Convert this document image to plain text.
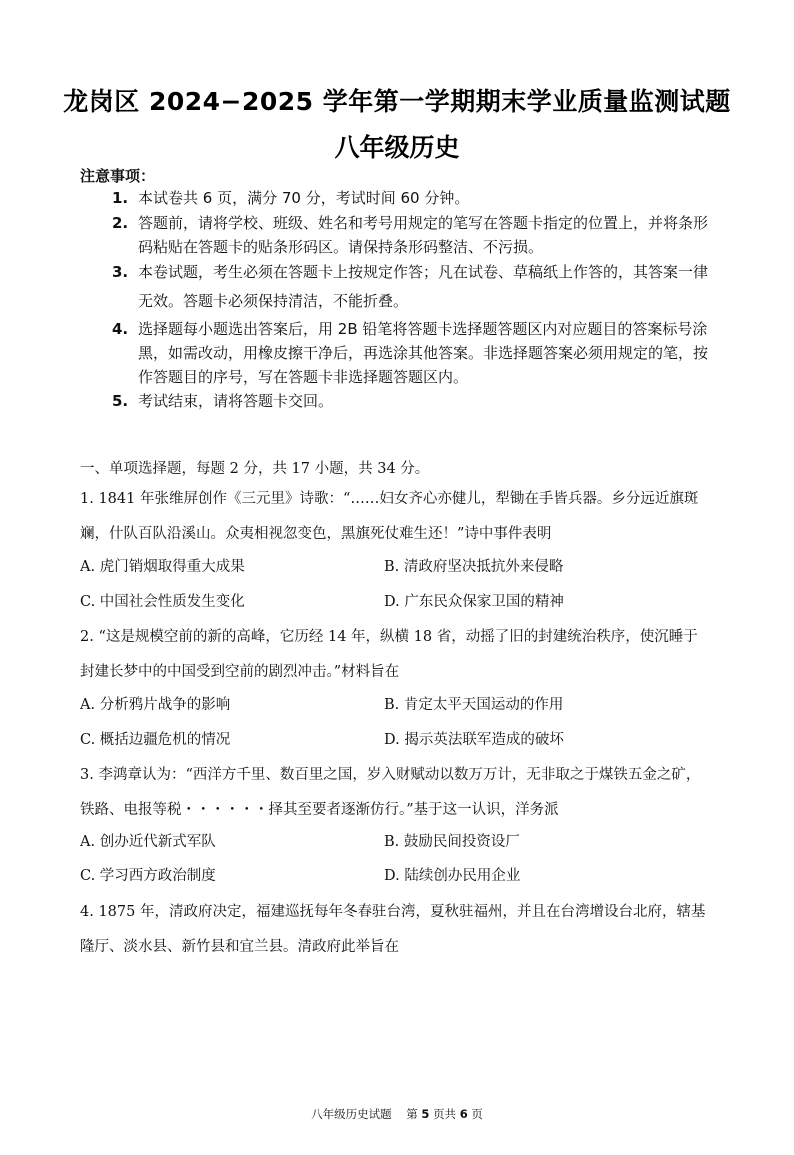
龙岗区 2024−2025 学年第一学期期末学业质量监测试题
八年级历史
注意事项：
1. 本试卷共 6 页，满分 70 分，考试时间 60 分钟。
2. 答题前，请将学校、班级、姓名和考号用规定的笔写在答题卡指定的位置上，并将条形码粘贴在答题卡的贴条形码区。请保持条形码整洁、不污损。
3. 本卷试题，考生必须在答题卡上按规定作答；凡在试卷、草稿纸上作答的，其答案一律无效。答题卡必须保持清洁，不能折叠。
4. 选择题每小题选出答案后，用 2B 铅笔将答题卡选择题答题区内对应题目的答案标号涂黑，如需改动，用橡皮擦干净后，再选涂其他答案。非选择题答案必须用规定的笔，按作答题目的序号，写在答题卡非选择题答题区内。
5. 考试结束，请将答题卡交回。
一、单项选择题，每题 2 分，共 17 小题，共 34 分。
1. 1841 年张维屏创作《三元里》诗歌：“……妇女齐心亦健儿，犁锄在手皆兵器。乡分远近旗斑斓，什队百队沿溪山。众夷相视忽变色，黑旗死仗难生还！”诗中事件表明
A. 虎门销烟取得重大成果	B. 清政府坚决抵抗外来侵略
C. 中国社会性质发生变化	D. 广东民众保家卫国的精神
2. “这是规模空前的新的高峰，它历经 14 年，纵横 18 省，动摇了旧的封建统治秩序，使沉睡于封建长梦中的中国受到空前的剧烈冲击。”材料旨在
A. 分析鸦片战争的影响	B. 肯定太平天国运动的作用
C. 概括边疆危机的情况	D. 揭示英法联军造成的破坏
3. 李鸿章认为：“西洋方千里、数百里之国，岁入财赋动以数万万计，无非取之于煤铁五金之矿，铁路、电报等税・・・・・・择其至要者逐渐仿行。”基于这一认识，洋务派
A. 创办近代新式军队	B. 鼓励民间投资设厂
C. 学习西方政治制度	D. 陆续创办民用企业
4. 1875 年，清政府决定，福建巡抚每年冬春驻台湾，夏秋驻福州，并且在台湾增设台北府，辖基隆厅、淡水县、新竹县和宜兰县。清政府此举旨在
八年级历史试题 第 5 页共 6 页
